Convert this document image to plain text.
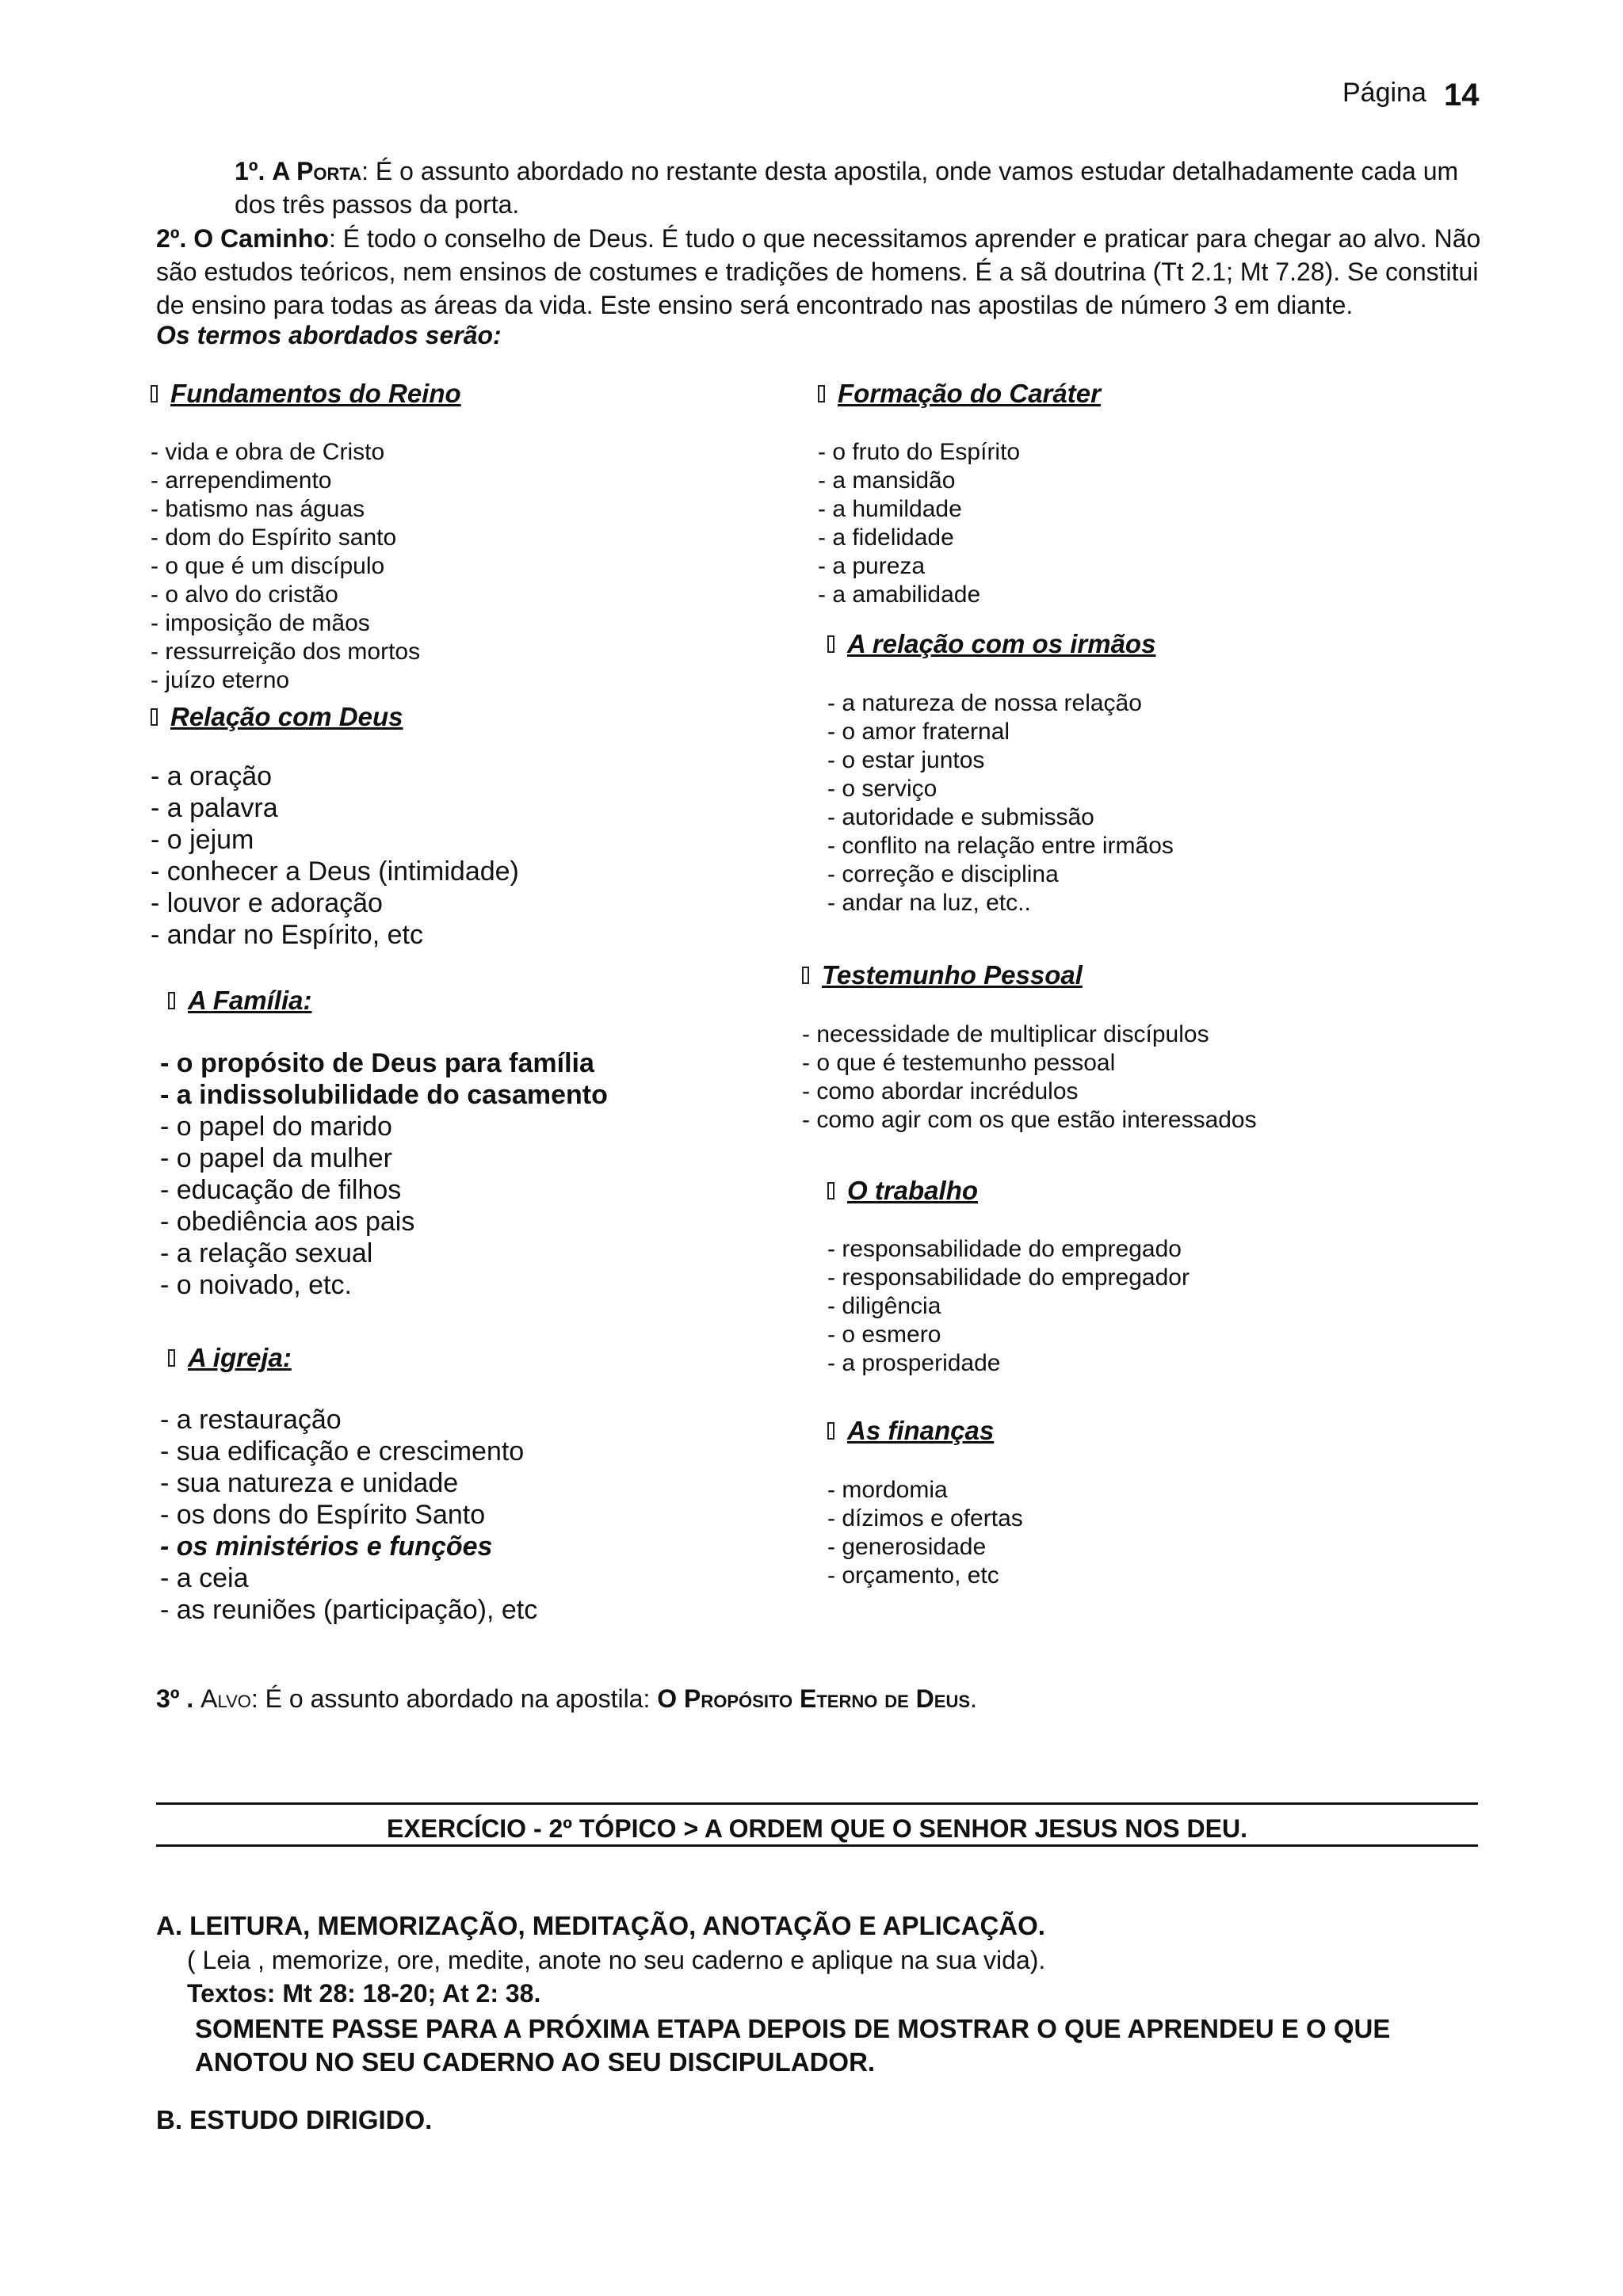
Página 14
1º. A Porta: É o assunto abordado no restante desta apostila, onde vamos estudar detalhadamente cada um dos três passos da porta.
2º. O Caminho: É todo o conselho de Deus. É tudo o que necessitamos aprender e praticar para chegar ao alvo. Não são estudos teóricos, nem ensinos de costumes e tradições de homens. É a sã doutrina (Tt 2.1; Mt 7.28). Se constitui de ensino para todas as áreas da vida. Este ensino será encontrado nas apostilas de número 3 em diante.
Os termos abordados serão:
Fundamentos do Reino
- vida e obra de Cristo
- arrependimento
- batismo nas águas
- dom do Espírito santo
- o que é um discípulo
- o alvo do cristão
- imposição de mãos
- ressurreição dos mortos
- juízo eterno
Relação com Deus
- a oração
- a palavra
- o jejum
- conhecer a Deus (intimidade)
- louvor e adoração
- andar no Espírito, etc
A Família:
- o propósito de Deus para família
- a indissolubilidade do casamento
- o papel do marido
- o papel da mulher
- educação de filhos
- obediência aos pais
- a relação sexual
- o noivado, etc.
A igreja:
- a restauração
- sua edificação e crescimento
- sua natureza e unidade
- os dons do Espírito Santo
- os ministérios e funções
- a ceia
- as reuniões (participação), etc
Formação do Caráter
- o fruto do Espírito
- a mansidão
- a humildade
- a fidelidade
- a pureza
- a amabilidade
A relação com os irmãos
- a natureza de nossa relação
- o amor fraternal
- o estar juntos
- o serviço
- autoridade e submissão
- conflito na relação entre irmãos
- correção e disciplina
- andar na luz, etc..
Testemunho Pessoal
- necessidade de multiplicar discípulos
- o que é testemunho pessoal
- como abordar incrédulos
- como agir com os que estão interessados
O trabalho
- responsabilidade do empregado
- responsabilidade do empregador
- diligência
- o esmero
- a prosperidade
As finanças
- mordomia
- dízimos e ofertas
- generosidade
- orçamento, etc
3º . Alvo: É o assunto abordado na apostila: O Propósito Eterno de Deus.
EXERCÍCIO - 2º TÓPICO > A ORDEM QUE O SENHOR JESUS NOS DEU.
A. LEITURA, MEMORIZAÇÃO, MEDITAÇÃO, ANOTAÇÃO E APLICAÇÃO.
( Leia , memorize, ore, medite, anote no seu caderno e aplique na sua vida).
Textos: Mt 28: 18-20; At 2: 38.
SOMENTE PASSE PARA A PRÓXIMA ETAPA DEPOIS DE MOSTRAR O QUE APRENDEU E O QUE ANOTOU NO SEU CADERNO AO SEU DISCIPULADOR.
B. ESTUDO DIRIGIDO.
